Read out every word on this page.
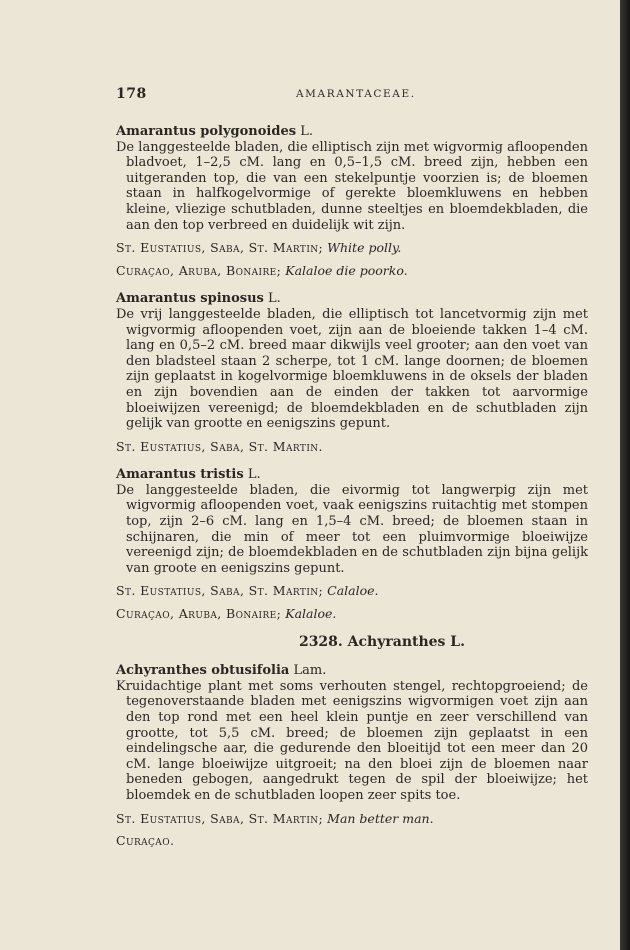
178	AMARANTACEAE.
Amarantus polygonoides L.

De langgesteelde bladen, die elliptisch zijn met wigvormig afloopenden bladvoet, 1–2,5 cM. lang en 0,5–1,5 cM. breed zijn, hebben een uitgeranden top, die van een stekelpuntje voorzien is; de bloemen staan in halfkogelvormige of gerekte bloemkluwens en hebben kleine, vliezige schutbladen, dunne steeltjes en bloemdekbladen, die aan den top verbreed en duidelijk wit zijn.

St. Eustatius, Saba, St. Martin; White polly.
Curaçao, Aruba, Bonaire; Kalaloe die poorko.
Amarantus spinosus L.

De vrij langgesteelde bladen, die elliptisch tot lancetvormig zijn met wigvormig afloopenden voet, zijn aan de bloeiende takken 1–4 cM. lang en 0,5–2 cM. breed maar dikwijls veel grooter; aan den voet van den bladsteel staan 2 scherpe, tot 1 cM. lange doornen; de bloemen zijn geplaatst in kogelvormige bloemkluwens in de oksels der bladen en zijn bovendien aan de einden der takken tot aarvormige bloeiwijzen vereenigd; de bloemdekbladen en de schutbladen zijn gelijk van grootte en eenigszins gepunt.

St. Eustatius, Saba, St. Martin.
Amarantus tristis L.

De langgesteelde bladen, die eivormig tot langwerpig zijn met wigvormig afloopenden voet, vaak eenigszins ruitachtig met stompen top, zijn 2–6 cM. lang en 1,5–4 cM. breed; de bloemen staan in schijnaren, die min of meer tot een pluimvormige bloeiwijze vereenigd zijn; de bloemdekbladen en de schutbladen zijn bijna gelijk van groote en eenigszins gepunt.

St. Eustatius, Saba, St. Martin; Calaloe.
Curaçao, Aruba, Bonaire; Kalaloe.
2328. Achyranthes L.
Achyranthes obtusifolia Lam.

Kruidachtige plant met soms verhouten stengel, rechtopgroeiend; de tegenoverstaande bladen met eenigszins wigvormigen voet zijn aan den top rond met een heel klein puntje en zeer verschillend van grootte, tot 5,5 cM. breed; de bloemen zijn geplaatst in een eindelingsche aar, die gedurende den bloeitijd tot een meer dan 20 cM. lange bloeiwijze uitgroeit; na den bloei zijn de bloemen naar beneden gebogen, aangedrukt tegen de spil der bloeiwijze; het bloemdek en de schutbladen loopen zeer spits toe.

St. Eustatius, Saba, St. Martin; Man better man.
Curaçao.
